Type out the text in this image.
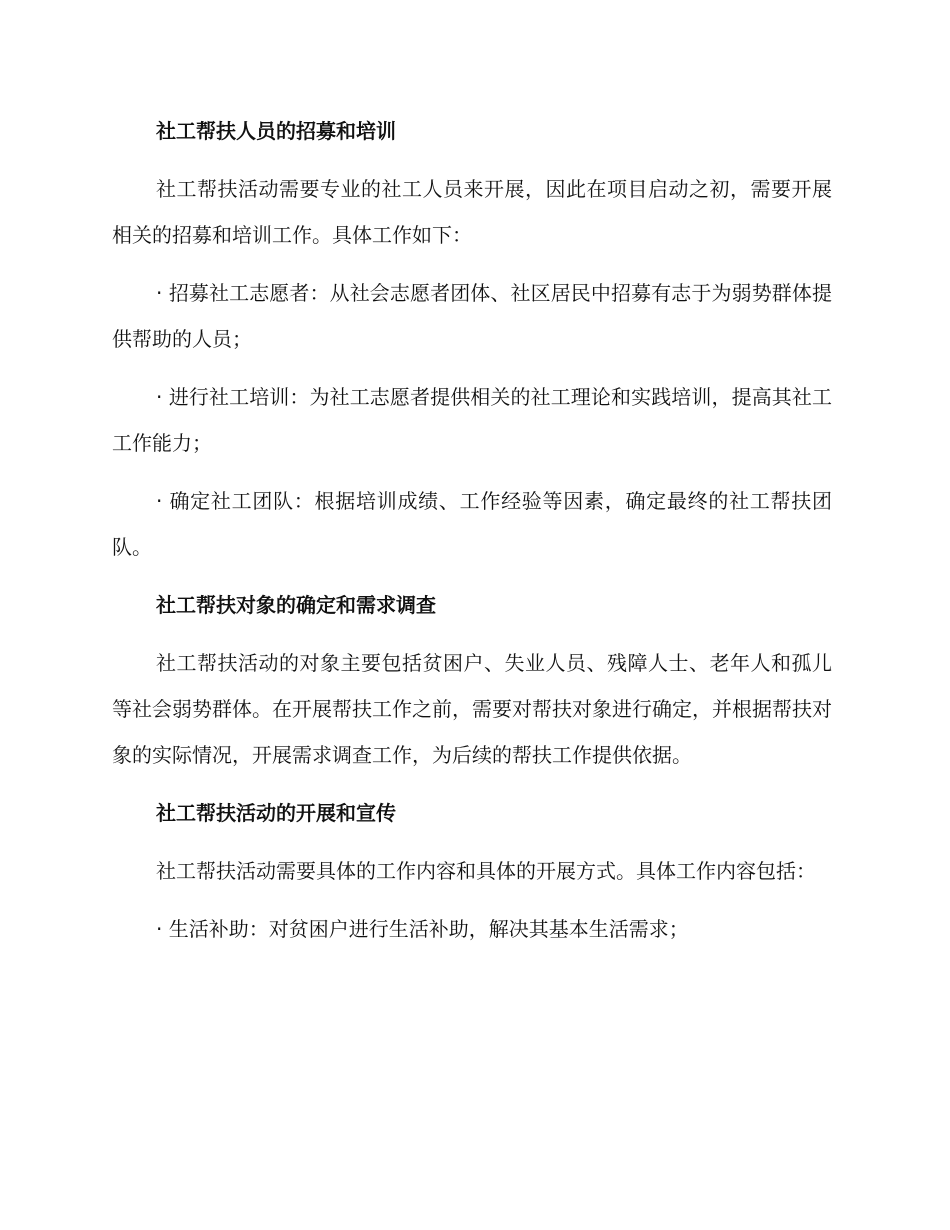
社工帮扶人员的招募和培训
社工帮扶活动需要专业的社工人员来开展，因此在项目启动之初，需要开展相关的招募和培训工作。具体工作如下：
· 招募社工志愿者：从社会志愿者团体、社区居民中招募有志于为弱势群体提供帮助的人员；
· 进行社工培训：为社工志愿者提供相关的社工理论和实践培训，提高其社工工作能力；
· 确定社工团队：根据培训成绩、工作经验等因素，确定最终的社工帮扶团队。
社工帮扶对象的确定和需求调查
社工帮扶活动的对象主要包括贫困户、失业人员、残障人士、老年人和孤儿等社会弱势群体。在开展帮扶工作之前，需要对帮扶对象进行确定，并根据帮扶对象的实际情况，开展需求调查工作，为后续的帮扶工作提供依据。
社工帮扶活动的开展和宣传
社工帮扶活动需要具体的工作内容和具体的开展方式。具体工作内容包括：
· 生活补助：对贫困户进行生活补助，解决其基本生活需求；
